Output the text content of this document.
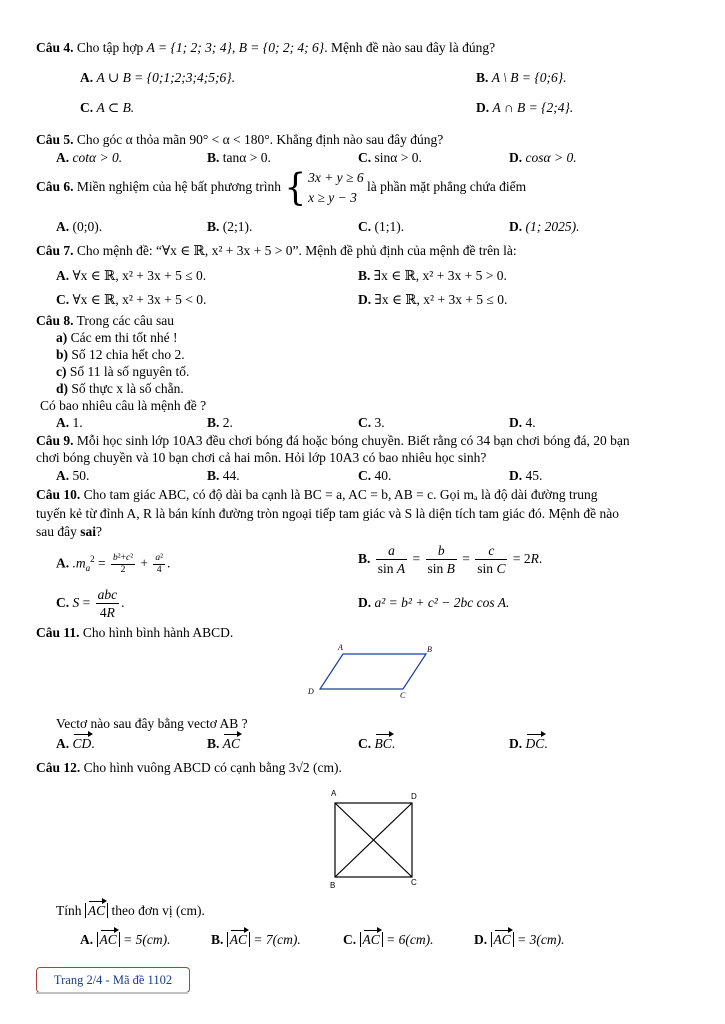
Câu 4. Cho tập hợp A = {1; 2; 3; 4}, B = {0; 2; 4; 6}. Mệnh đề nào sau đây là đúng?
A. A ∪ B = {0;1;2;3;4;5;6}.	B. A \ B = {0;6}.
C. A ⊂ B.	D. A ∩ B = {2;4}.
Câu 5. Cho góc α thỏa mãn 90° < α < 180°. Khẳng định nào sau đây đúng?
A. cotα > 0.	B. tanα > 0.	C. sinα > 0.	D. cosα > 0.
Câu 6. Miền nghiệm của hệ bất phương trình { 3x + y ≥ 6
x ≥ y − 3
là phần mặt phẳng chứa điểm
A. (0;0).	B. (2;1).	C. (1;1).	D. (1; 2025).
Câu 7. Cho mệnh đề: “∀x ∈ ℝ, x² + 3x + 5 > 0”. Mệnh đề phủ định của mệnh đề trên là:
A. ∀x ∈ ℝ, x² + 3x + 5 ≤ 0.	B. ∃x ∈ ℝ, x² + 3x + 5 > 0.
C. ∀x ∈ ℝ, x² + 3x + 5 < 0.	D. ∃x ∈ ℝ, x² + 3x + 5 ≤ 0.
Câu 8. Trong các câu sau
a) Các em thi tốt nhé !
b) Số 12 chia hết cho 2.
c) Số 11 là số nguyên tố.
d) Số thực x là số chẵn.
Có bao nhiêu câu là mệnh đề ?
A. 1.	B. 2.	C. 3.	D. 4.
Câu 9. Mỗi học sinh lớp 10A3 đều chơi bóng đá hoặc bóng chuyền. Biết rằng có 34 bạn chơi bóng đá, 20 bạn
chơi bóng chuyền và 10 bạn chơi cả hai môn. Hỏi lớp 10A3 có bao nhiêu học sinh?
A. 50.	B. 44.	C. 40.	D. 45.
Câu 10. Cho tam giác ABC, có độ dài ba cạnh là BC = a, AC = b, AB = c. Gọi mₐ là độ dài đường trung
tuyến kẻ từ đỉnh A, R là bán kính đường tròn ngoại tiếp tam giác và S là diện tích tam giác đó. Mệnh đề nào
sau đây sai?
A. $.m_a^2 = \frac{\text{b²+c²}}{2} + \frac{\text{a²}}{4}$ .	B. $\frac{a}{\text{sin A}} = \frac{b}{\text{sin B}} = \frac{c}{\text{sin C}} = 2R$.
C. $S = \frac{\text{abc}}{4R}$ .	D. a² = b² + c² − 2bc cos A.
Câu 11. Cho hình bình hành ABCD.
A	B
C
D
Vectơ nào sau đây bằng vectơ AB ?
A. CD.	B. AC	C. BC.	D. DC.
Câu 12. Cho hình vuông ABCD có cạnh bằng 3√2 (cm).
A	D
B	C
Tính AC theo đơn vị (cm).
A. AC = 5(cm).	B. AC = 7(cm).	C. AC = 6(cm).	D. AC = 3(cm).
Trang 2/4 - Mã đề 1102
